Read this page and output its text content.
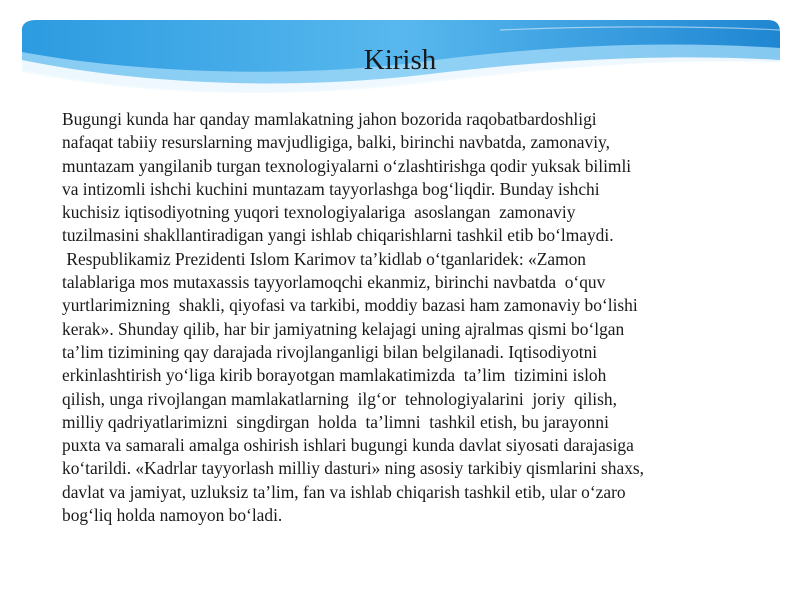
Kirish
Bugungi kunda har qanday mamlakatning jahon bozorida raqobatbardoshligi
nafaqat tabiiy resurslarning mavjudligiga, balki, birinchi navbatda, zamonaviy,
muntazam yangilanib turgan texnologiyalarni o‘zlashtirishga qodir yuksak bilimli
va intizomli ishchi kuchini muntazam tayyorlashga bog‘liqdir. Bunday ishchi
kuchisiz iqtisodiyotning yuqori texnologiyalariga  asoslangan  zamonaviy
tuzilmasini shakllantiradigan yangi ishlab chiqarishlarni tashkil etib bo‘lmaydi.
Respublikamiz Prezidenti Islom Karimov ta’kidlab o‘tganlaridek: «Zamon
talablariga mos mutaxassis tayyorlamoqchi ekanmiz, birinchi navbatda  o‘quv
yurtlarimizning  shakli, qiyofasi va tarkibi, moddiy bazasi ham zamonaviy bo‘lishi
kerak». Shunday qilib, har bir jamiyatning kelajagi uning ajralmas qismi bo‘lgan
ta’lim tizimining qay darajada rivojlanganligi bilan belgilanadi. Iqtisodiyotni
erkinlashtirish yo‘liga kirib borayotgan mamlakatimizda  ta’lim  tizimini isloh
qilish, unga rivojlangan mamlakatlarning  ilg‘or  tehnologiyalarini  joriy  qilish,
milliy qadriyatlarimizni  singdirgan  holda  ta’limni  tashkil etish, bu jarayonni
puxta va samarali amalga oshirish ishlari bugungi kunda davlat siyosati darajasiga
ko‘tarildi. «Kadrlar tayyorlash milliy dasturi» ning asosiy tarkibiy qismlarini shaxs,
davlat va jamiyat, uzluksiz ta’lim, fan va ishlab chiqarish tashkil etib, ular o‘zaro
bog‘liq holda namoyon bo‘ladi.
